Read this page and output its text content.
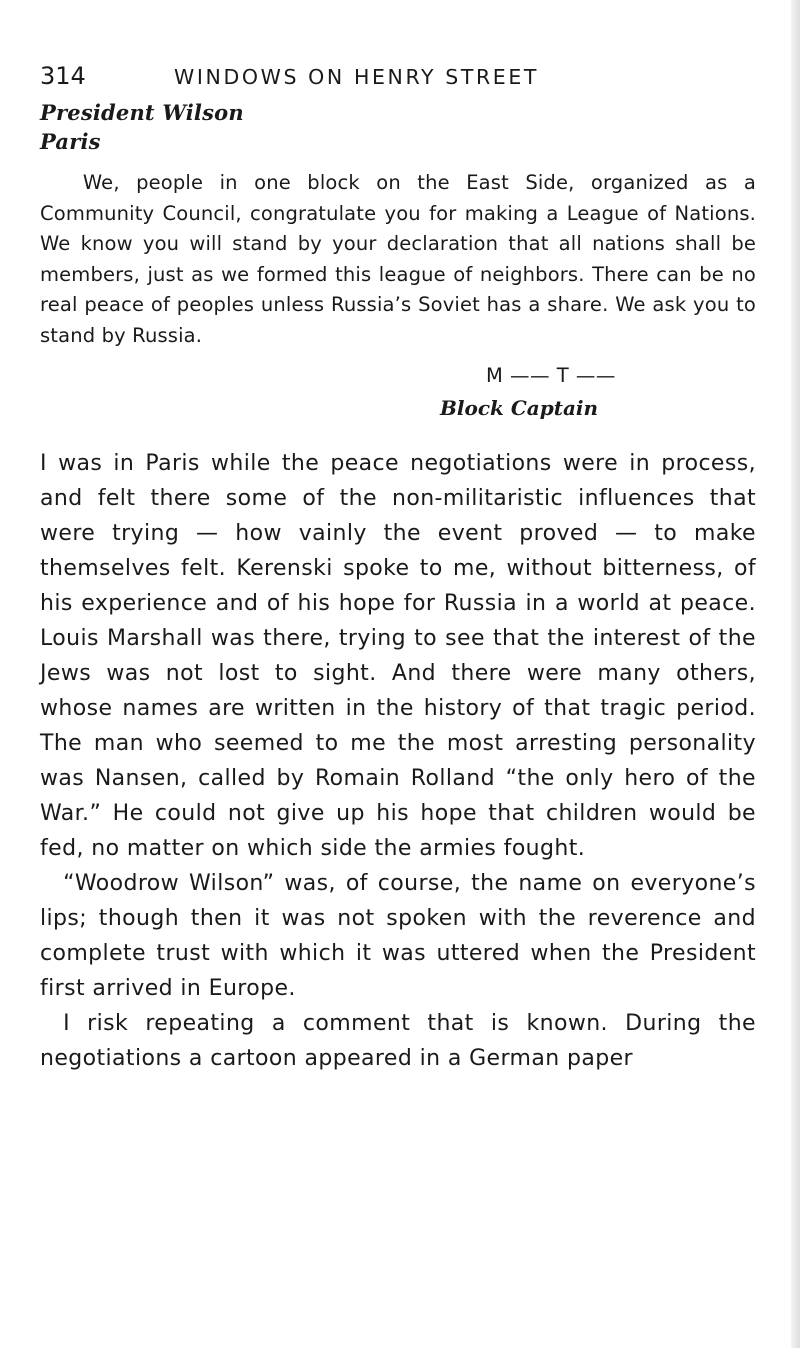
314	WINDOWS ON HENRY STREET

President Wilson

Paris

We, people in one block on the East Side, organized as a Community Council, congratulate you for making a League of Nations. We know you will stand by your declaration that all nations shall be members, just as we formed this league of neighbors. There can be no real peace of peoples unless Russia’s Soviet has a share. We ask you to stand by Russia.

M —— T ——
Block Captain

I was in Paris while the peace negotiations were in process, and felt there some of the non-militaristic influences that were trying — how vainly the event proved — to make themselves felt. Kerenski spoke to me, without bitterness, of his experience and of his hope for Russia in a world at peace. Louis Marshall was there, trying to see that the interest of the Jews was not lost to sight. And there were many others, whose names are written in the history of that tragic period. The man who seemed to me the most arresting personality was Nansen, called by Romain Rolland “the only hero of the War.” He could not give up his hope that children would be fed, no matter on which side the armies fought.

“Woodrow Wilson” was, of course, the name on everyone’s lips; though then it was not spoken with the reverence and complete trust with which it was uttered when the President first arrived in Europe.

I risk repeating a comment that is known. During the negotiations a cartoon appeared in a German paper
